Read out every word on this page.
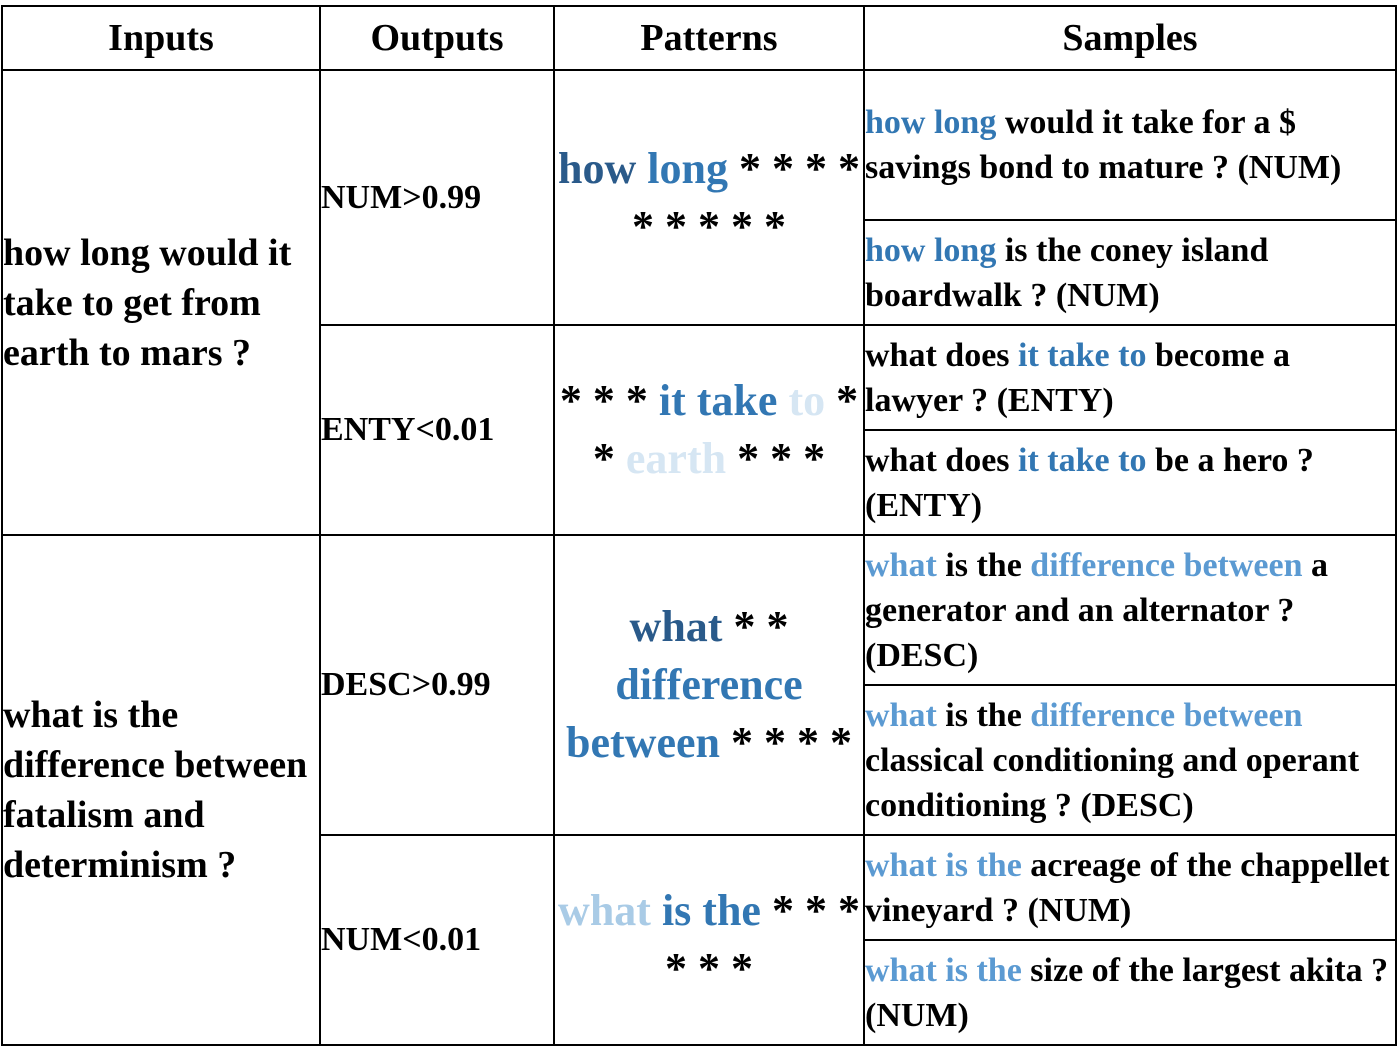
Inputs	Outputs	Patterns	Samples
how long would it take to get from earth to mars ?	NUM>0.99	how long * * * * * * * * *	how long would it take for a $ savings bond to mature ? (NUM)
			how long is the coney island boardwalk ? (NUM)
	ENTY<0.01	* * * it take to * * earth * * *	what does it take to become a lawyer ? (ENTY)
			what does it take to be a hero ? (ENTY)
what is the difference between fatalism and determinism ?	DESC>0.99	what * * difference between * * * *	what is the difference between a generator and an alternator ? (DESC)
			what is the difference between classical conditioning and operant conditioning ? (DESC)
	NUM<0.01	what is the * * * * * *	what is the acreage of the chappellet vineyard ? (NUM)
			what is the size of the largest akita ? (NUM)
